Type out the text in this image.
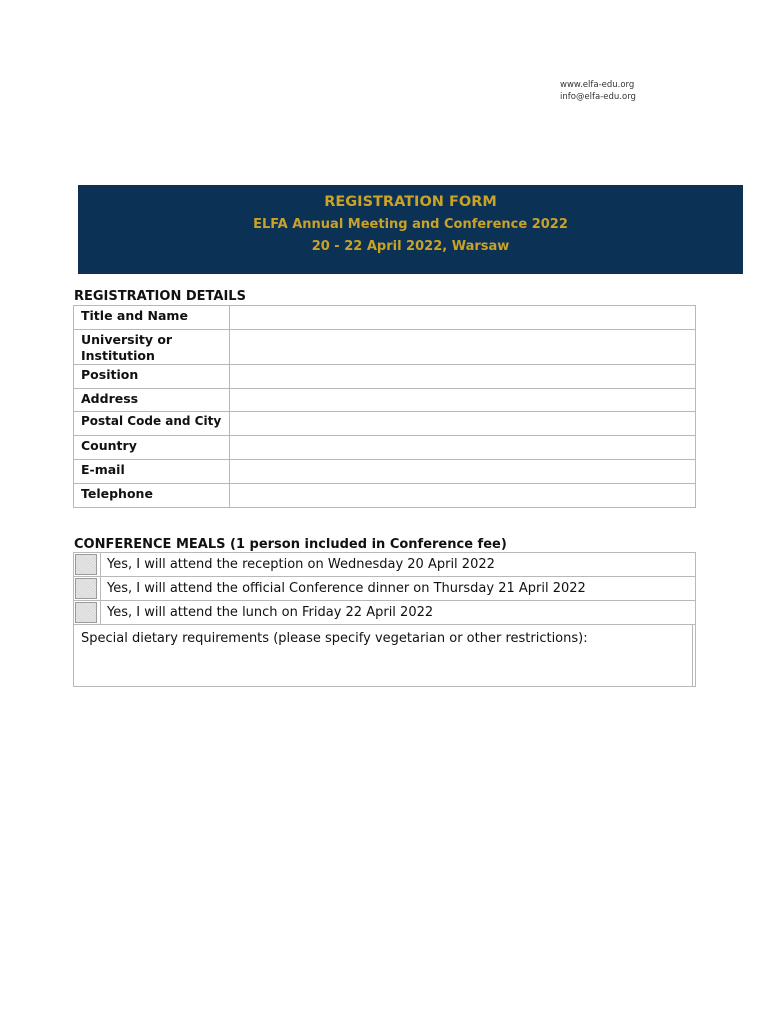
www.elfa-edu.org
info@elfa-edu.org
REGISTRATION FORM
ELFA Annual Meeting and Conference 2022
20 - 22 April 2022, Warsaw
REGISTRATION DETAILS
Title and Name	
University or Institution	
Position	
Address	

Postal Code and City	

Country	
E-mail	
Telephone	
CONFERENCE MEALS (1 person included in Conference fee)
	Yes, I will attend the reception on Wednesday 20 April 2022	

	Yes, I will attend the official Conference dinner on Thursday 21 April 2022	

	Yes, I will attend the lunch on Friday 22 April 2022	
Special dietary requirements (please specify vegetarian or other restrictions):		
